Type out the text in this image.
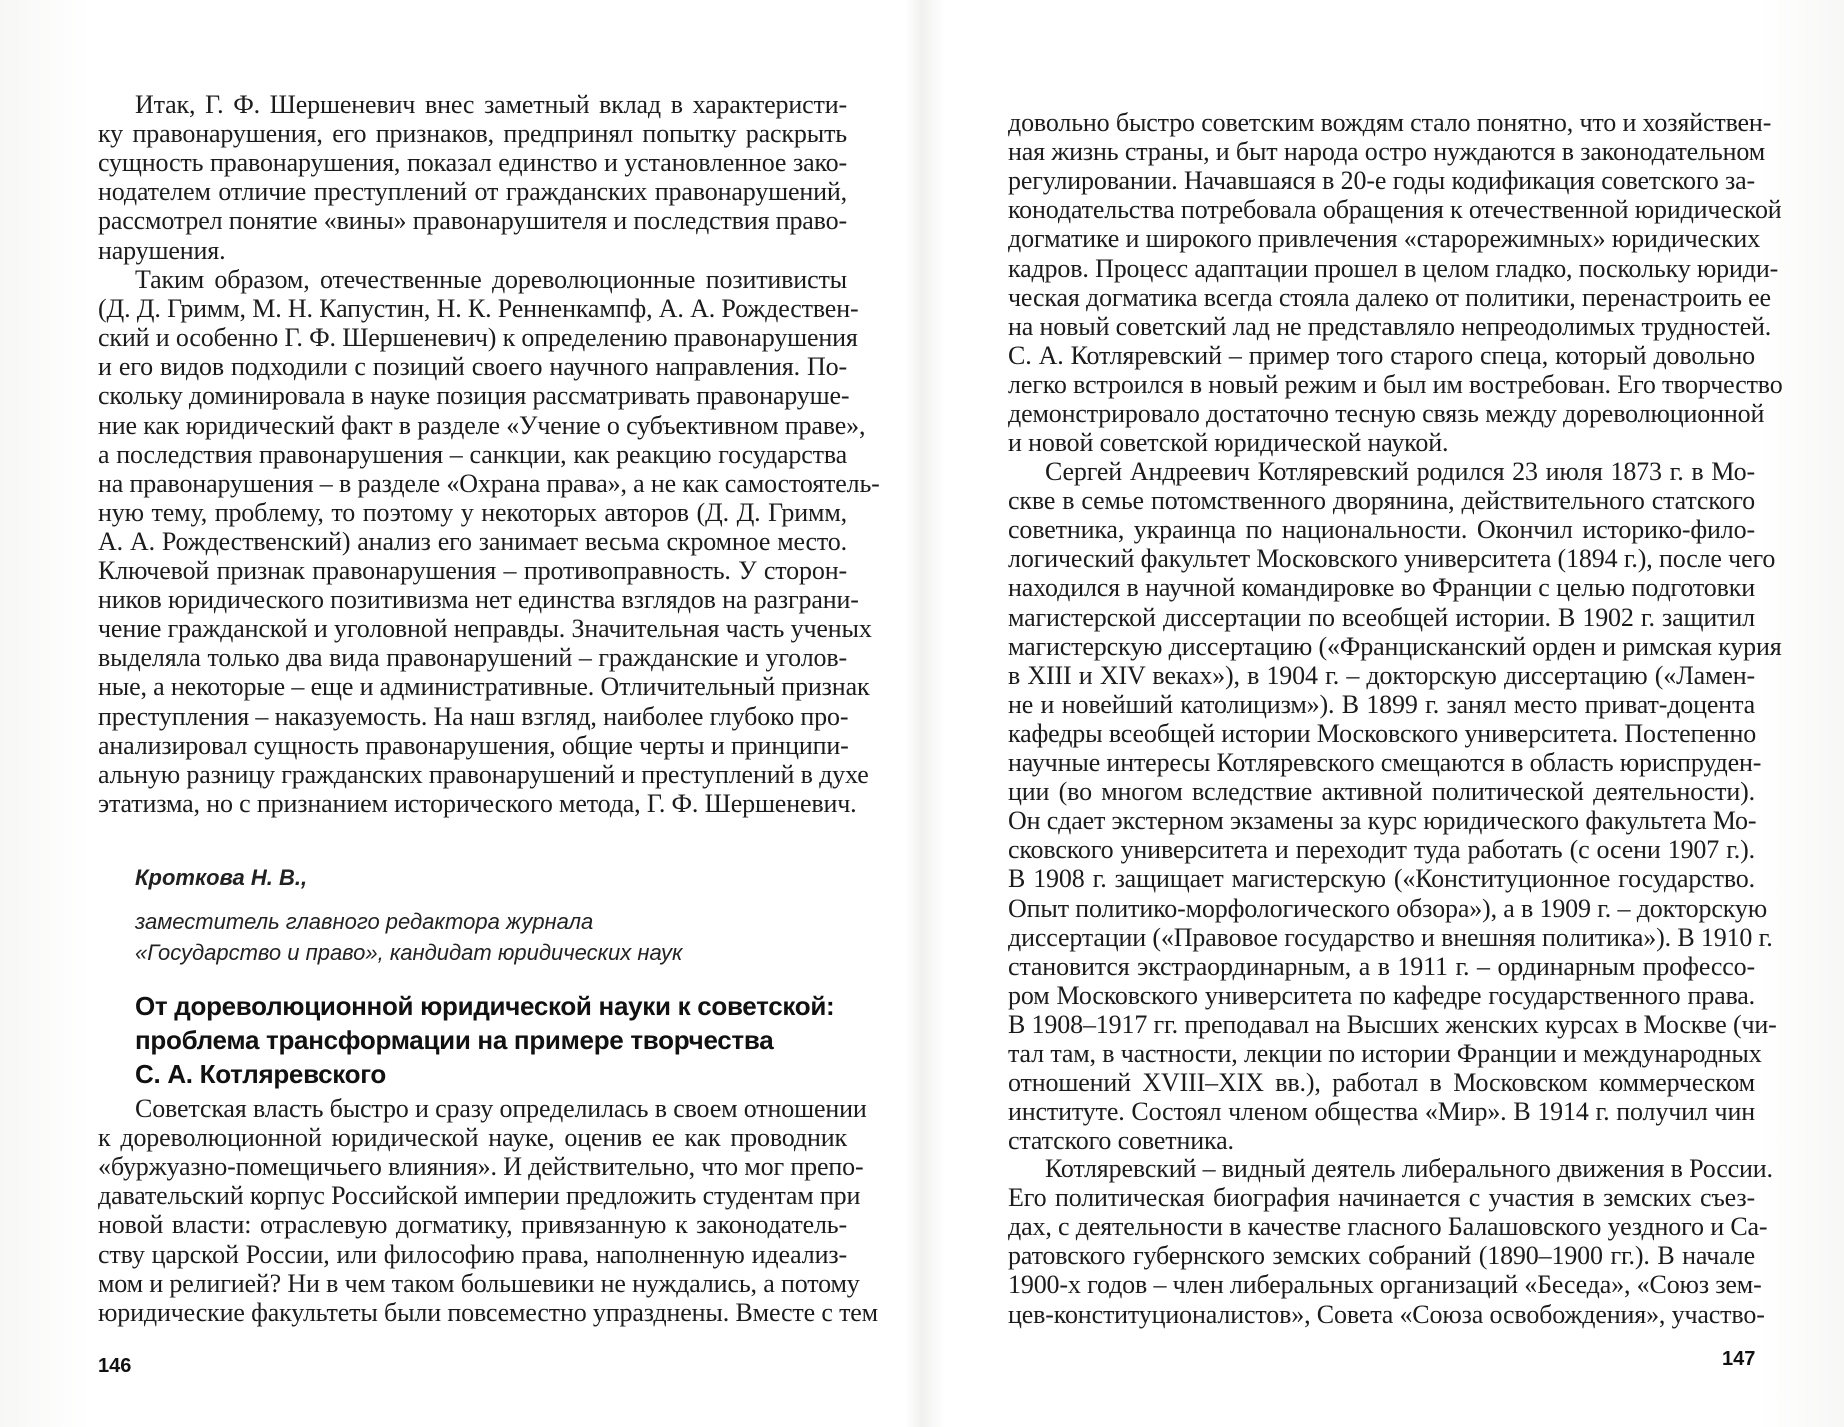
Итак, Г. Ф. Шершеневич внес заметный вклад в характеристи-
ку правонарушения, его признаков, предпринял попытку раскрыть
сущность правонарушения, показал единство и установленное зако-
нодателем отличие преступлений от гражданских правонарушений,
рассмотрел понятие «вины» правонарушителя и последствия право-
нарушения.
Таким образом, отечественные дореволюционные позитивисты
(Д. Д. Гримм, М. Н. Капустин, Н. К. Ренненкампф, А. А. Рождествен-
ский и особенно Г. Ф. Шершеневич) к определению правонарушения
и его видов подходили с позиций своего научного направления. По-
скольку доминировала в науке позиция рассматривать правонаруше-
ние как юридический факт в разделе «Учение о субъективном праве»,
а последствия правонарушения – санкции, как реакцию государства
на правонарушения – в разделе «Охрана права», а не как самостоятель-
ную тему, проблему, то поэтому у некоторых авторов (Д. Д. Гримм,
А. А. Рождественский) анализ его занимает весьма скромное место.
Ключевой признак правонарушения – противоправность. У сторон-
ников юридического позитивизма нет единства взглядов на разграни-
чение гражданской и уголовной неправды. Значительная часть ученых
выделяла только два вида правонарушений – гражданские и уголов-
ные, а некоторые – еще и административные. Отличительный признак
преступления – наказуемость. На наш взгляд, наиболее глубоко про-
анализировал сущность правонарушения, общие черты и принципи-
альную разницу гражданских правонарушений и преступлений в духе
этатизма, но с признанием исторического метода, Г. Ф. Шершеневич.
Кроткова Н. В.,
заместитель главного редактора журнала
«Государство и право», кандидат юридических наук
От дореволюционной юридической науки к советской:
проблема трансформации на примере творчества
С. А. Котляревского
Советская власть быстро и сразу определилась в своем отношении
к дореволюционной юридической науке, оценив ее как проводник
«буржуазно-помещичьего влияния». И действительно, что мог препо-
давательский корпус Российской империи предложить студентам при
новой власти: отраслевую догматику, привязанную к законодатель-
ству царской России, или философию права, наполненную идеализ-
мом и религией? Ни в чем таком большевики не нуждались, а потому
юридические факультеты были повсеместно упразднены. Вместе с тем
146
довольно быстро советским вождям стало понятно, что и хозяйствен-
ная жизнь страны, и быт народа остро нуждаются в законодательном
регулировании. Начавшаяся в 20-е годы кодификация советского за-
конодательства потребовала обращения к отечественной юридической
догматике и широкого привлечения «старорежимных» юридических
кадров. Процесс адаптации прошел в целом гладко, поскольку юриди-
ческая догматика всегда стояла далеко от политики, перенастроить ее
на новый советский лад не представляло непреодолимых трудностей.
С. А. Котляревский – пример того старого спеца, который довольно
легко встроился в новый режим и был им востребован. Его творчество
демонстрировало достаточно тесную связь между дореволюционной
и новой советской юридической наукой.
Сергей Андреевич Котляревский родился 23 июля 1873 г. в Мо-
скве в семье потомственного дворянина, действительного статского
советника, украинца по национальности. Окончил историко-фило-
логический факультет Московского университета (1894 г.), после чего
находился в научной командировке во Франции с целью подготовки
магистерской диссертации по всеобщей истории. В 1902 г. защитил
магистерскую диссертацию («Францисканский орден и римская курия
в XIII и XIV веках»), в 1904 г. – докторскую диссертацию («Ламен-
не и новейший католицизм»). В 1899 г. занял место приват-доцента
кафедры всеобщей истории Московского университета. Постепенно
научные интересы Котляревского смещаются в область юриспруден-
ции (во многом вследствие активной политической деятельности).
Он сдает экстерном экзамены за курс юридического факультета Мо-
сковского университета и переходит туда работать (с осени 1907 г.).
В 1908 г. защищает магистерскую («Конституционное государство.
Опыт политико-морфологического обзора»), а в 1909 г. – докторскую
диссертации («Правовое государство и внешняя политика»). В 1910 г.
становится экстраординарным, а в 1911 г. – ординарным профессо-
ром Московского университета по кафедре государственного права.
В 1908–1917 гг. преподавал на Высших женских курсах в Москве (чи-
тал там, в частности, лекции по истории Франции и международных
отношений XVIII–XIX вв.), работал в Московском коммерческом
институте. Состоял членом общества «Мир». В 1914 г. получил чин
статского советника.
Котляревский – видный деятель либерального движения в России.
Его политическая биография начинается с участия в земских съез-
дах, с деятельности в качестве гласного Балашовского уездного и Са-
ратовского губернского земских собраний (1890–1900 гг.). В начале
1900-х годов – член либеральных организаций «Беседа», «Союз зем-
цев-конституционалистов», Совета «Союза освобождения», участво-
147
